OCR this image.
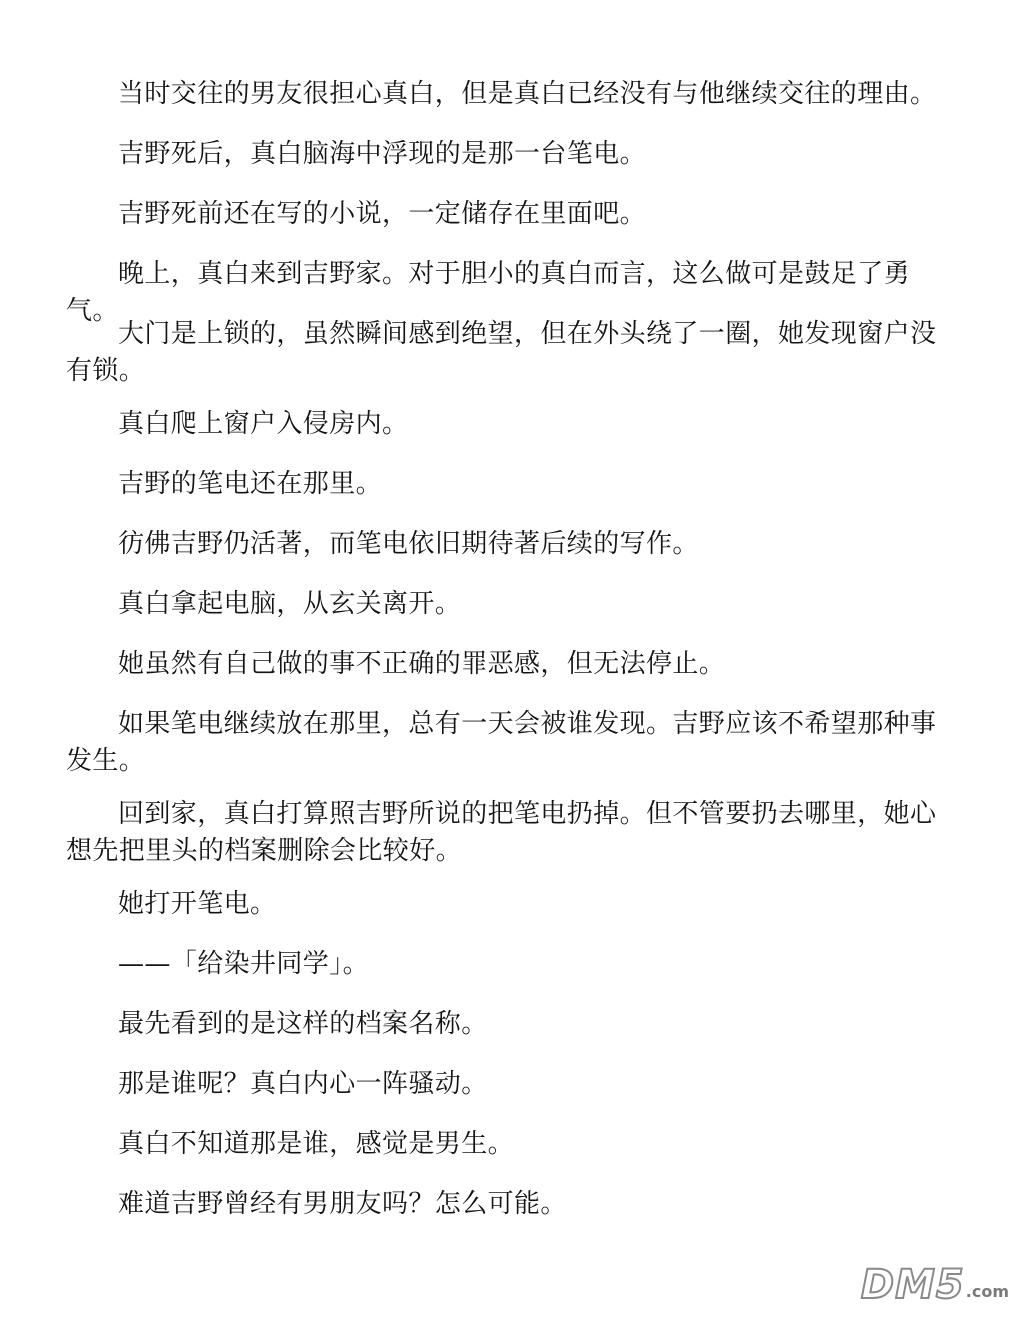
当时交往的男友很担心真白，但是真白已经没有与他继续交往的理由。

吉野死后，真白脑海中浮现的是那一台笔电。

吉野死前还在写的小说，一定储存在里面吧。

晚上，真白来到吉野家。对于胆小的真白而言，这么做可是鼓足了勇气。

大门是上锁的，虽然瞬间感到绝望，但在外头绕了一圈，她发现窗户没有锁。

真白爬上窗户入侵房内。

吉野的笔电还在那里。

彷佛吉野仍活著，而笔电依旧期待著后续的写作。

真白拿起电脑，从玄关离开。

她虽然有自己做的事不正确的罪恶感，但无法停止。

如果笔电继续放在那里，总有一天会被谁发现。吉野应该不希望那种事发生。

回到家，真白打算照吉野所说的把笔电扔掉。但不管要扔去哪里，她心想先把里头的档案删除会比较好。

她打开笔电。

——「给染井同学」。

最先看到的是这样的档案名称。

那是谁呢？真白内心一阵骚动。

真白不知道那是谁，感觉是男生。

难道吉野曾经有男朋友吗？怎么可能。

DM5 .com
